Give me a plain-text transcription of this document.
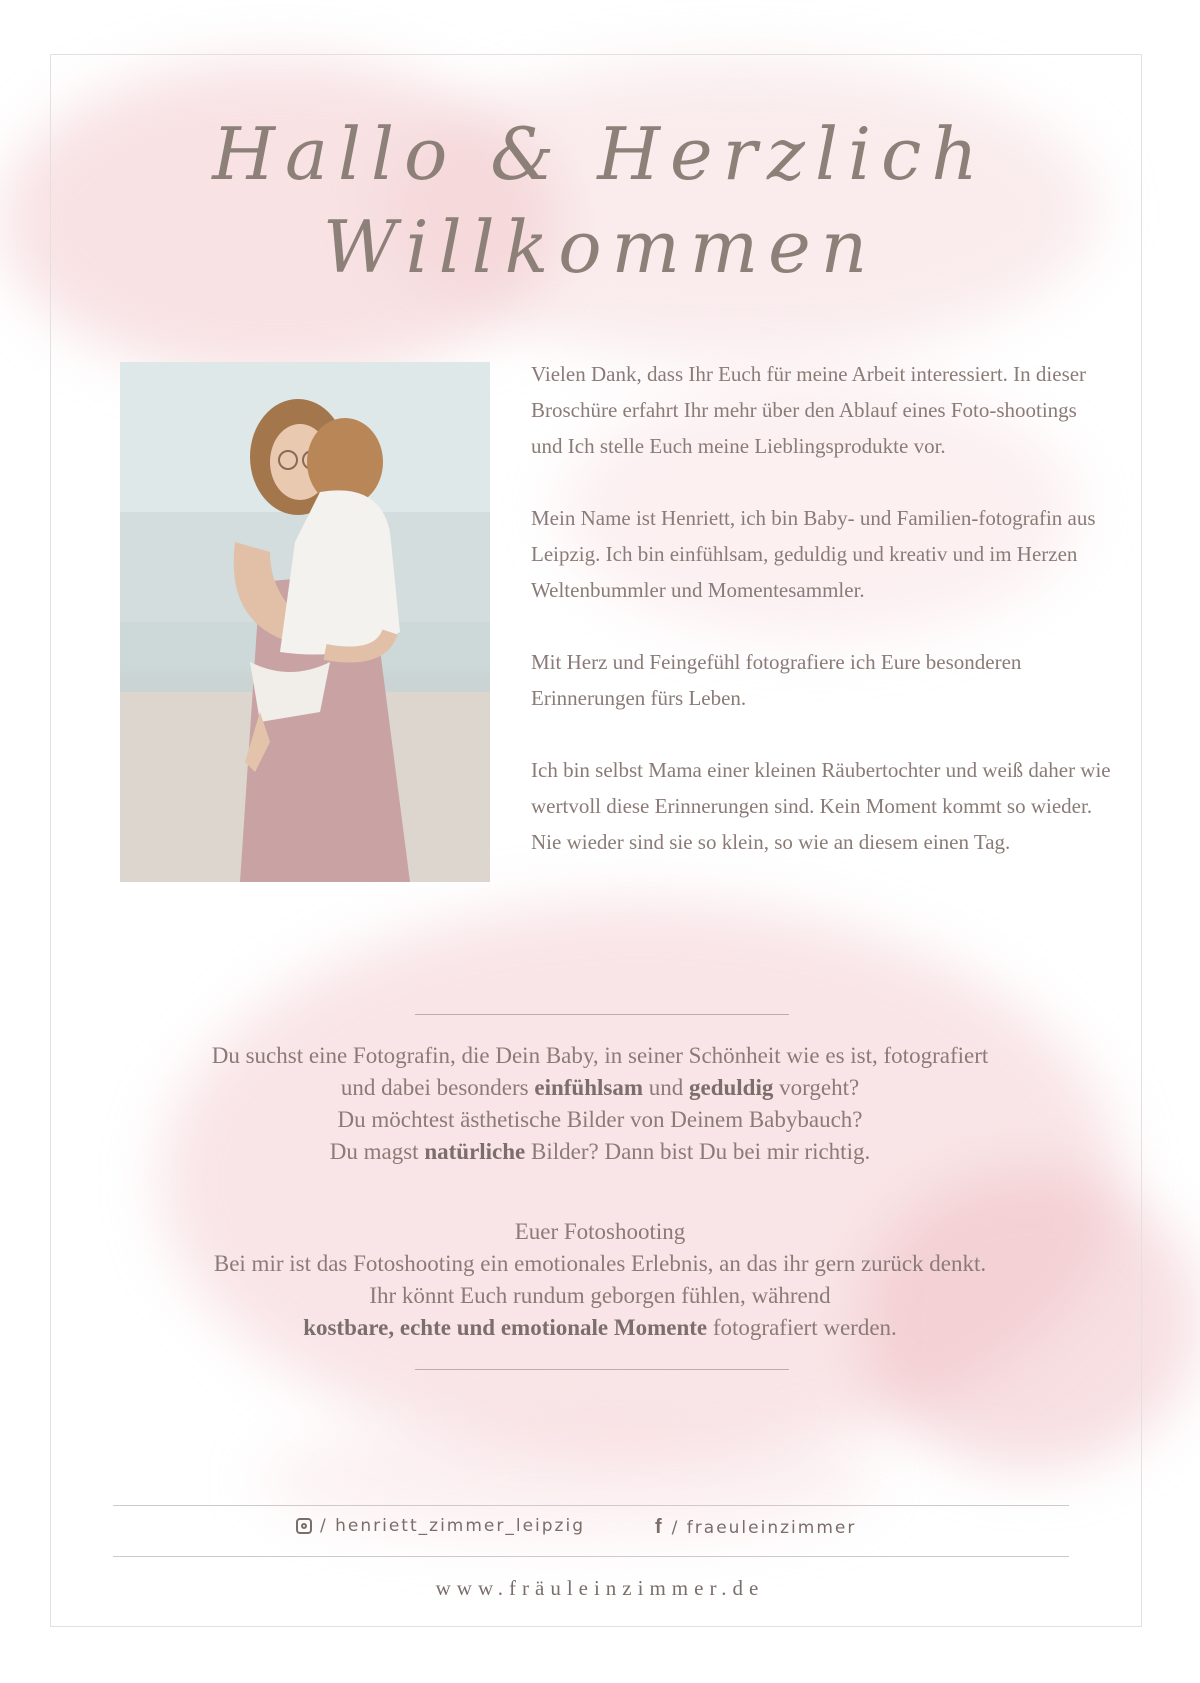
Hallo & Herzlich
Willkommen

Vielen Dank, dass Ihr Euch für meine Arbeit interessiert. In dieser Broschüre erfahrt Ihr mehr über den Ablauf eines Foto-shootings und Ich stelle Euch meine Lieblingsprodukte vor.

Mein Name ist Henriett, ich bin Baby- und Familien-fotografin aus Leipzig. Ich bin einfühlsam, geduldig und kreativ und im Herzen Weltenbummler und Momentesammler.

Mit Herz und Feingefühl fotografiere ich Eure besonderen Erinnerungen fürs Leben.

Ich bin selbst Mama einer kleinen Räubertochter und weiß daher wie wertvoll diese Erinnerungen sind. Kein Moment kommt so wieder. Nie wieder sind sie so klein, so wie an diesem einen Tag.

Du suchst eine Fotografin, die Dein Baby, in seiner Schönheit wie es ist, fotografiert

und dabei besonders einfühlsam und geduldig vorgeht?

Du möchtest ästhetische Bilder von Deinem Babybauch?

Du magst natürliche Bilder? Dann bist Du bei mir richtig.

Euer Fotoshooting

Bei mir ist das Fotoshooting ein emotionales Erlebnis, an das ihr gern zurück denkt.

Ihr könnt Euch rundum geborgen fühlen, während

kostbare, echte und emotionale Momente fotografiert werden.

/ henriett_zimmer_leipzig	f / fraeuleinzimmer
www.fräuleinzimmer.de
